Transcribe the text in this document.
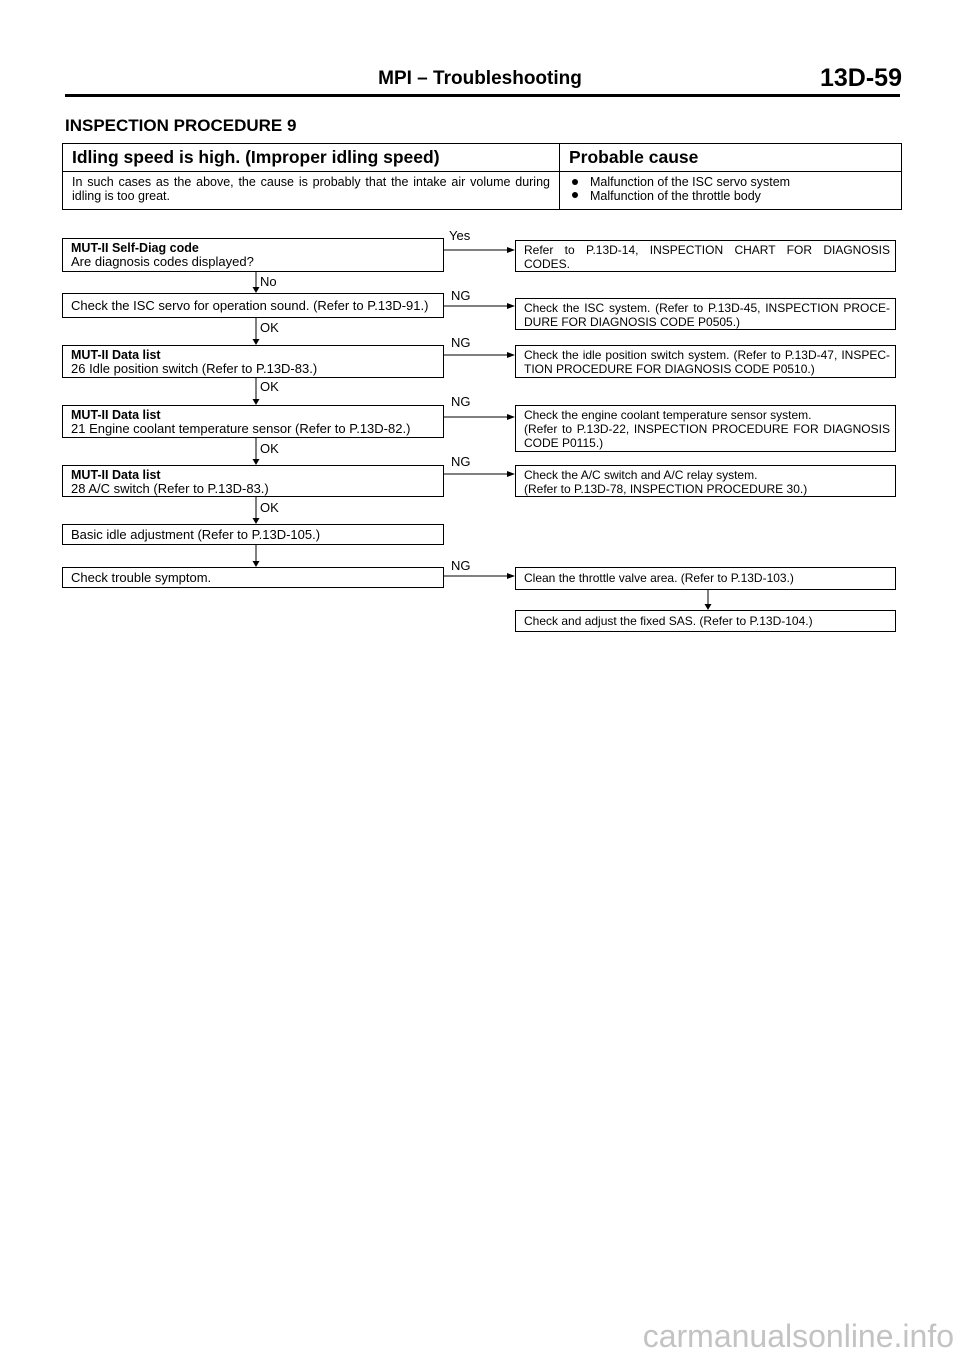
MPI – Troubleshooting	13D-59
INSPECTION PROCEDURE 9
Idling speed is high. (Improper idling speed)	Probable cause
In such cases as the above, the cause is probably that the intake air volume during
idling is too great.
Malfunction of the ISC servo system
Malfunction of the throttle body
MUT-II Self-Diag code
Are diagnosis codes displayed?
Check the ISC servo for operation sound. (Refer to P.13D-91.)
MUT-II Data list
26 Idle position switch (Refer to P.13D-83.)
MUT-II Data list
21 Engine coolant temperature sensor (Refer to P.13D-82.)
MUT-II Data list
28 A/C switch (Refer to P.13D-83.)
Basic idle adjustment (Refer to P.13D-105.)
Check trouble symptom.
Refer to P.13D-14, INSPECTION CHART FOR DIAGNOSIS
CODES.
Check the ISC system. (Refer to P.13D-45, INSPECTION PROCE-
DURE FOR DIAGNOSIS CODE P0505.)
Check the idle position switch system. (Refer to P.13D-47, INSPEC-
TION PROCEDURE FOR DIAGNOSIS CODE P0510.)
Check the engine coolant temperature sensor system.
(Refer to P.13D-22, INSPECTION PROCEDURE FOR DIAGNOSIS
CODE P0115.)
Check the A/C switch and A/C relay system.
(Refer to P.13D-78, INSPECTION PROCEDURE 30.)
Clean the throttle valve area. (Refer to P.13D-103.)
Check and adjust the fixed SAS. (Refer to P.13D-104.)
Yes
NG
NG
NG
NG
NG
No
OK
OK
OK
OK
carmanualsonline.info
